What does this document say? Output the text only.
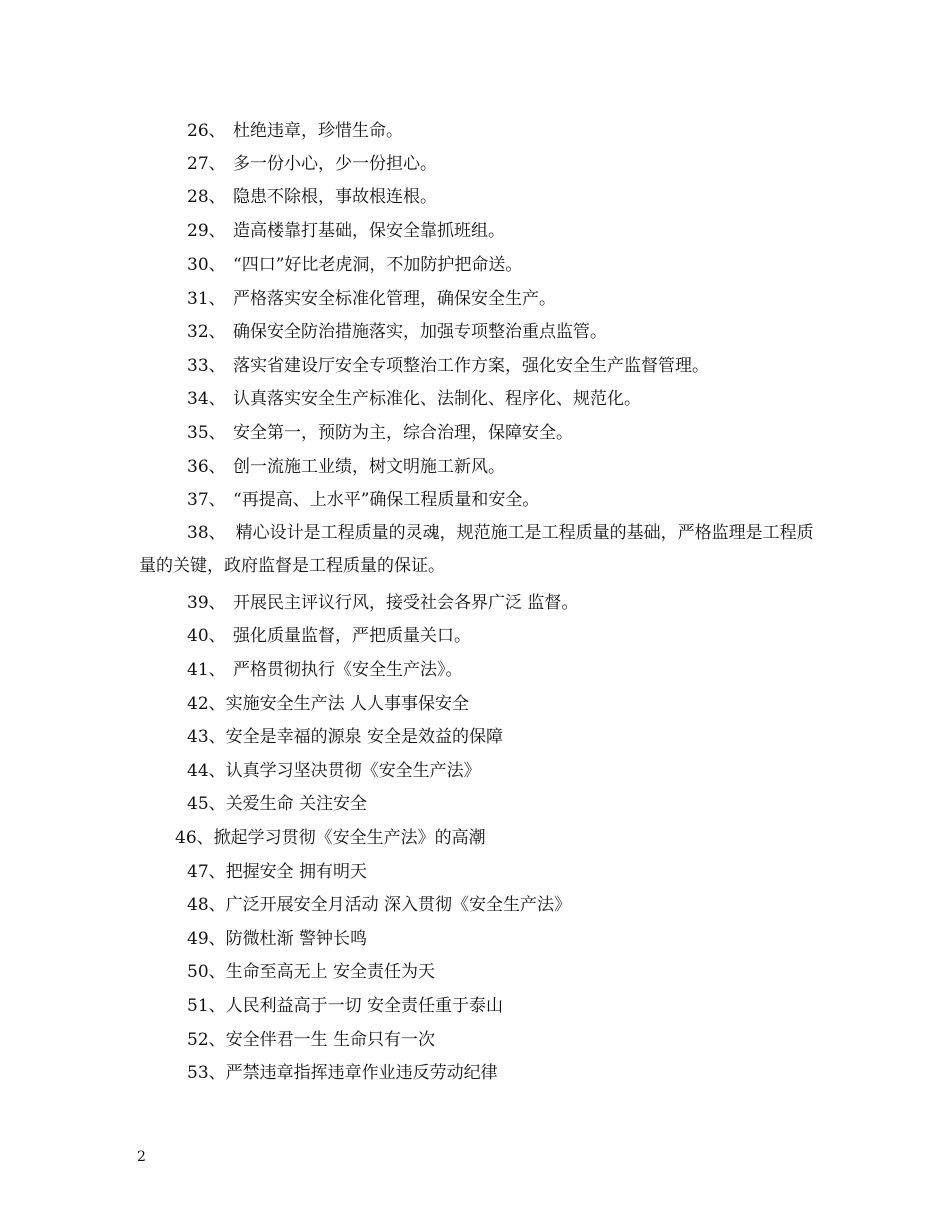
26、 杜绝违章，珍惜生命。
27、 多一份小心，少一份担心。
28、 隐患不除根，事故根连根。
29、 造高楼靠打基础，保安全靠抓班组。
30、 “四口”好比老虎洞，不加防护把命送。
31、 严格落实安全标准化管理，确保安全生产。
32、 确保安全防治措施落实，加强专项整治重点监管。
33、 落实省建设厅安全专项整治工作方案，强化安全生产监督管理。
34、 认真落实安全生产标准化、法制化、程序化、规范化。
35、 安全第一，预防为主，综合治理，保障安全。
36、 创一流施工业绩，树文明施工新风。
37、 “再提高、上水平”确保工程质量和安全。
38、 精心设计是工程质量的灵魂，规范施工是工程质量的基础，严格监理是工程质量的关键，政府监督是工程质量的保证。
39、 开展民主评议行风，接受社会各界广泛 监督。
40、 强化质量监督，严把质量关口。
41、 严格贯彻执行《安全生产法》。
42、实施安全生产法 人人事事保安全
43、安全是幸福的源泉 安全是效益的保障
44、认真学习坚决贯彻《安全生产法》
45、关爱生命 关注安全
46、掀起学习贯彻《安全生产法》的高潮
47、把握安全 拥有明天
48、广泛开展安全月活动 深入贯彻《安全生产法》
49、防微杜渐 警钟长鸣
50、生命至高无上 安全责任为天
51、人民利益高于一切 安全责任重于泰山
52、安全伴君一生 生命只有一次
53、严禁违章指挥违章作业违反劳动纪律
2
